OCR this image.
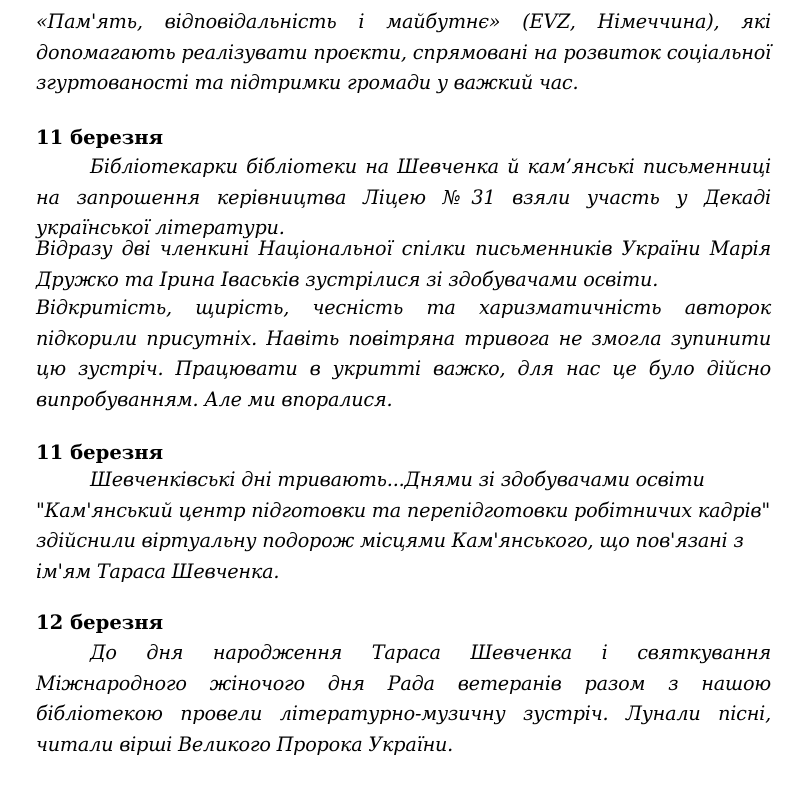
«Пам'ять, відповідальність і майбутнє» (EVZ, Німеччина), які допомагають реалізувати проєкти, спрямовані на розвиток соціальної згуртованості та підтримки громади у важкий час.

11 березня

Бібліотекарки бібліотеки на Шевченка й кам’янські письменниці на запрошення керівництва Ліцею №31 взяли участь у Декаді української літератури.

Відразу дві членкині Національної спілки письменників України Марія Дружко та Ірина Іваськів зустрілися зі здобувачами освіти.

Відкритість, щирість, чесність та харизматичність авторок підкорили присутніх. Навіть повітряна тривога не змогла зупинити цю зустріч. Працювати в укритті важко, для нас це було дійсно випробуванням. Але ми впоралися.

11 березня

Шевченківські дні тривають...Днями зі здобувачами освіти "Кам'янський центр підготовки та перепідготовки робітничих кадрів" здійснили віртуальну подорож місцями Кам'янського, що пов'язані з ім'ям Тараса Шевченка.

12 березня

До дня народження Тараса Шевченка і святкування Міжнародного жіночого дня Рада ветеранів разом з нашою бібліотекою провели літературно-музичну зустріч. Лунали пісні, читали вірші Великого Пророка України.
